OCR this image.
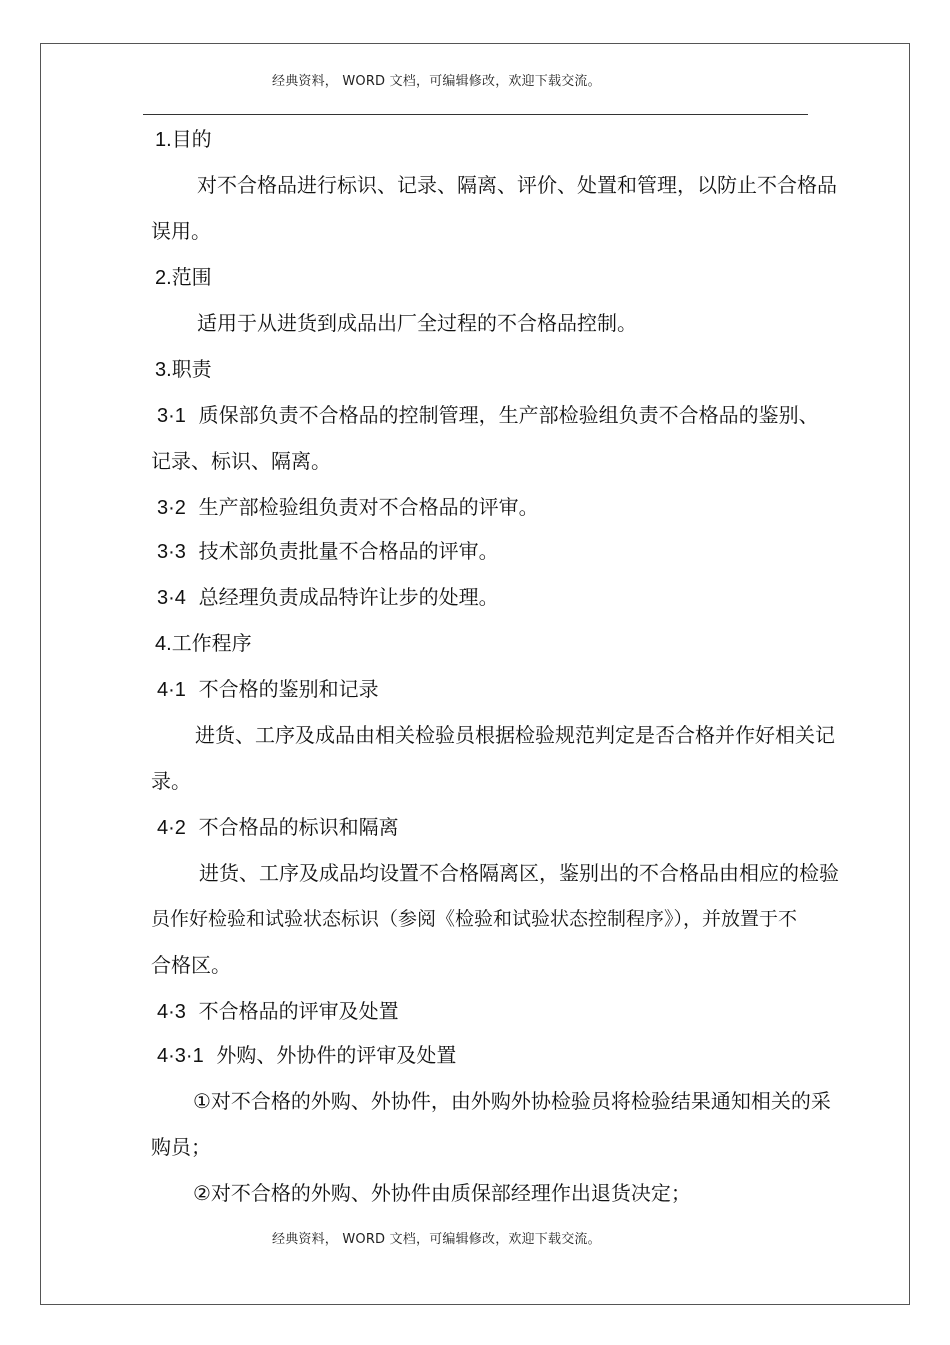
经典资料， WORD 文档，可编辑修改，欢迎下载交流。
1.目的
对不合格品进行标识、记录、隔离、评价、处置和管理，以防止不合格品
误用。
2.范围
适用于从进货到成品出厂全过程的不合格品控制。
3.职责
3·1 质保部负责不合格品的控制管理，生产部检验组负责不合格品的鉴别、
记录、标识、隔离。
3·2 生产部检验组负责对不合格品的评审。
3·3 技术部负责批量不合格品的评审。
3·4 总经理负责成品特许让步的处理。
4.工作程序
4·1 不合格的鉴别和记录
进货、工序及成品由相关检验员根据检验规范判定是否合格并作好相关记
录。
4·2 不合格品的标识和隔离
进货、工序及成品均设置不合格隔离区，鉴别出的不合格品由相应的检验
员作好检验和试验状态标识（参阅《检验和试验状态控制程序》），并放置于不
合格区。
4·3 不合格品的评审及处置
4·3·1 外购、外协件的评审及处置
①对不合格的外购、外协件，由外购外协检验员将检验结果通知相关的采
购员；
②对不合格的外购、外协件由质保部经理作出退货决定；
经典资料， WORD 文档，可编辑修改，欢迎下载交流。
